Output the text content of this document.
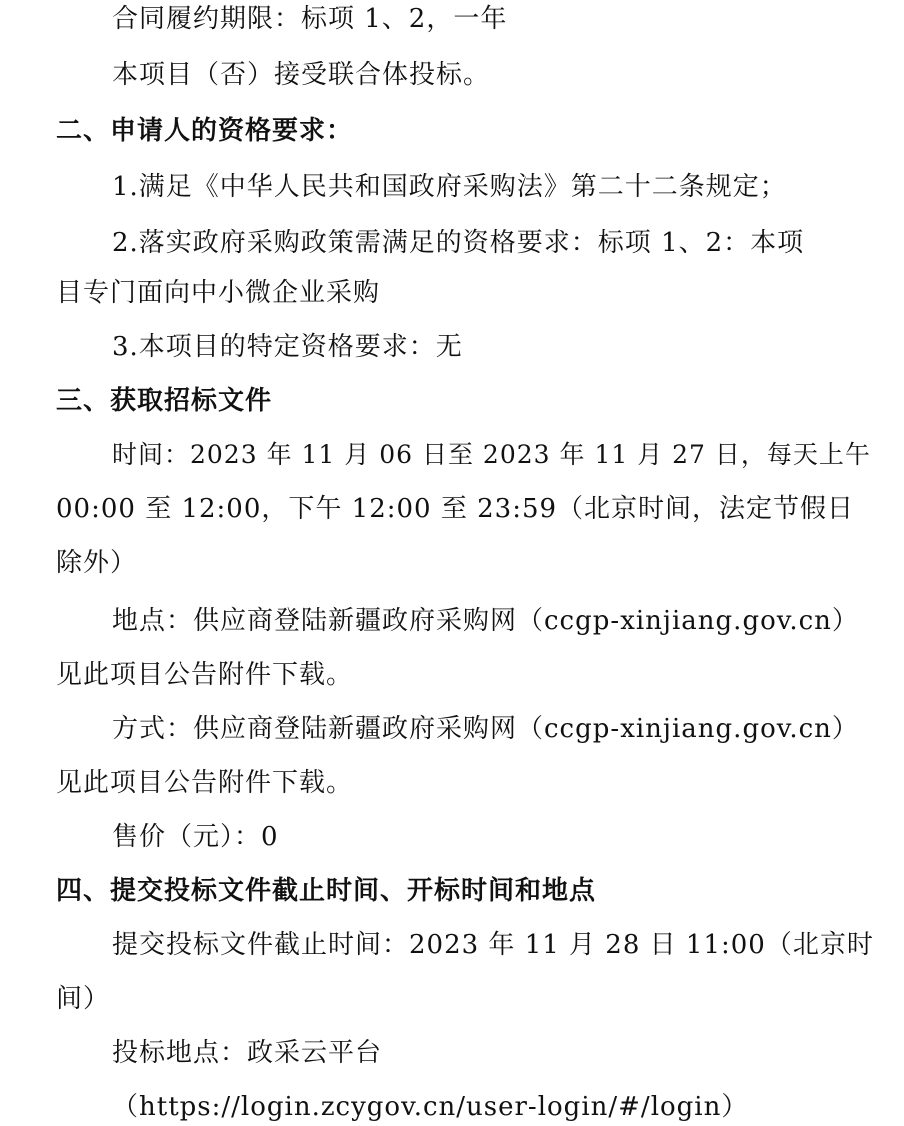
合同履约期限：标项 1、2，一年
本项目（否）接受联合体投标。
二、申请人的资格要求：
1.满足《中华人民共和国政府采购法》第二十二条规定；
2.落实政府采购政策需满足的资格要求：标项 1、2：本项
目专门面向中小微企业采购
3.本项目的特定资格要求：无
三、获取招标文件
时间：2023 年 11 月 06 日至 2023 年 11 月 27 日，每天上午
00:00 至 12:00，下午 12:00 至 23:59（北京时间，法定节假日
除外）
地点：供应商登陆新疆政府采购网（ccgp-xinjiang.gov.cn）
见此项目公告附件下载。
方式：供应商登陆新疆政府采购网（ccgp-xinjiang.gov.cn）
见此项目公告附件下载。
售价（元）：0
四、提交投标文件截止时间、开标时间和地点
提交投标文件截止时间：2023 年 11 月 28 日 11:00（北京时
间）
投标地点：政采云平台
（https://login.zcygov.cn/user-login/#/login）
